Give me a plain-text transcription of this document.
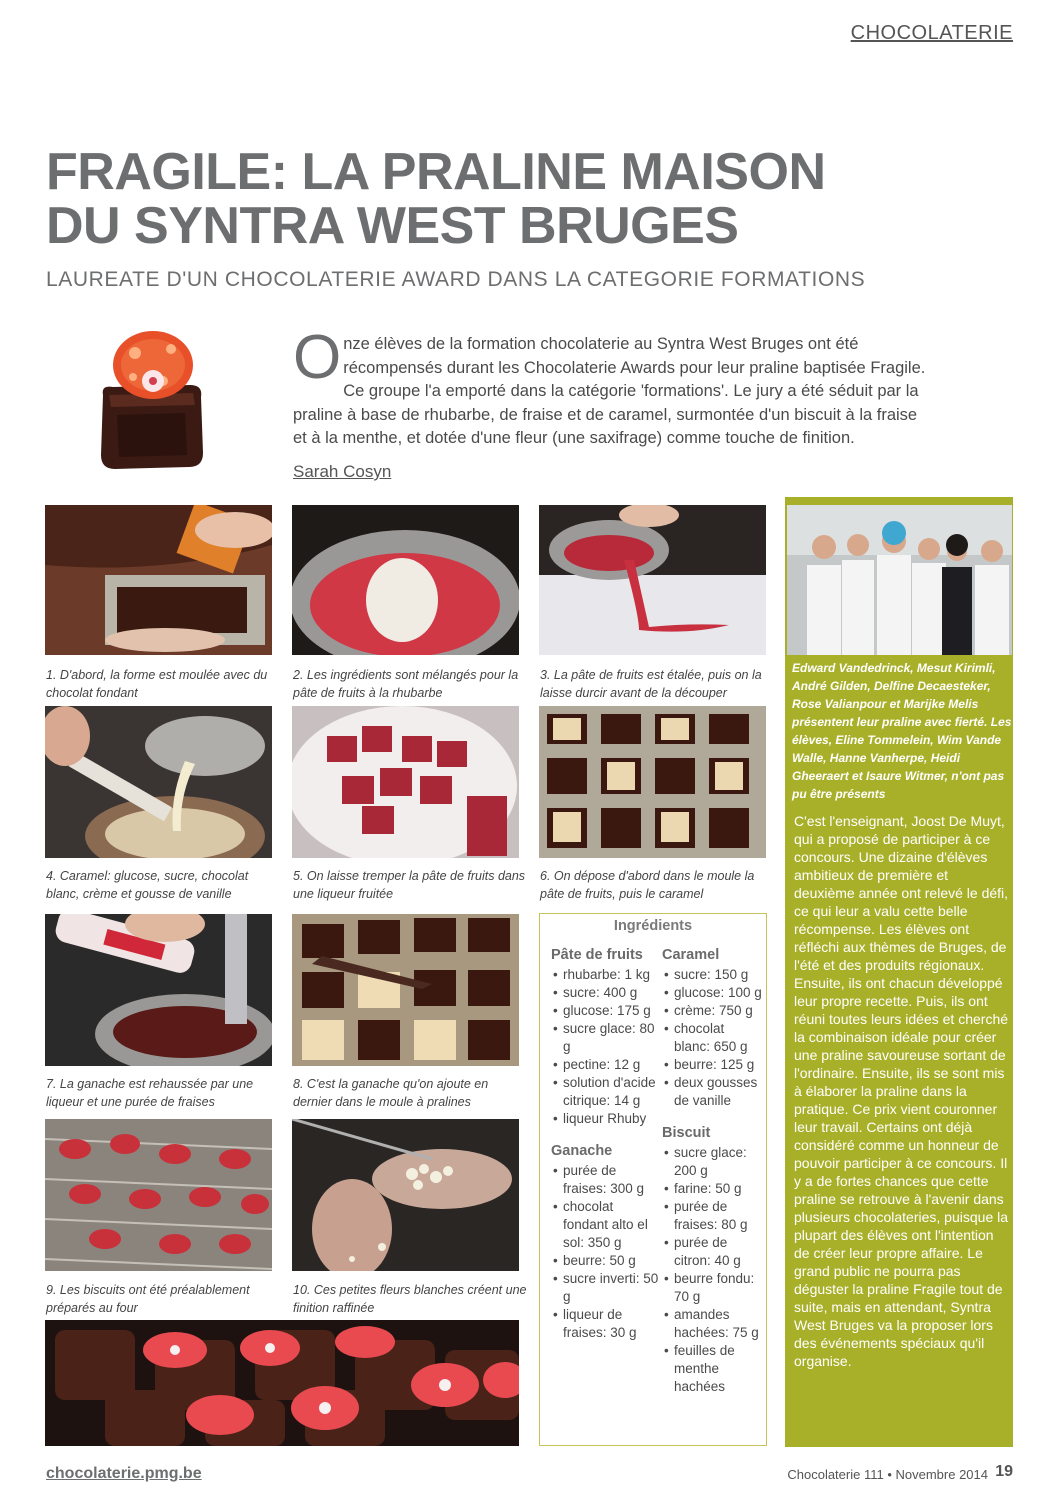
CHOCOLATERIE
FRAGILE: LA PRALINE MAISON
DU SYNTRA WEST BRUGES
LAUREATE D'UN CHOCOLATERIE AWARD DANS LA CATEGORIE FORMATIONS
Onze élèves de la formation chocolaterie au Syntra West Bruges ont été récompensés durant les Chocolaterie Awards pour leur praline baptisée Fragile. Ce groupe l'a emporté dans la catégorie 'formations'. Le jury a été séduit par la praline à base de rhubarbe, de fraise et de caramel, surmontée d'un biscuit à la fraise et à la menthe, et dotée d'une fleur (une saxifrage) comme touche de finition.
Sarah Cosyn
1. D'abord, la forme est moulée avec du chocolat fondant
2. Les ingrédients sont mélangés pour la pâte de fruits à la rhubarbe
3. La pâte de fruits est étalée, puis on la laisse durcir avant de la découper
4. Caramel: glucose, sucre, chocolat blanc, crème et gousse de vanille
5. On laisse tremper la pâte de fruits dans une liqueur fruitée
6. On dépose d'abord dans le moule la pâte de fruits, puis le caramel
7. La ganache est rehaussée par une liqueur et une purée de fraises
8. C'est la ganache qu'on ajoute en dernier dans le moule à pralines
9. Les biscuits ont été préalablement préparés au four
10. Ces petites fleurs blanches créent une finition raffinée
Ingrédients
Pâte de fruits
• rhubarbe: 1 kg
• sucre: 400 g
• glucose: 175 g
• sucre glace: 80 g
• pectine: 12 g
• solution d'acide citrique: 14 g
• liqueur Rhuby
Ganache
• purée de fraises: 300 g
• chocolat fondant alto el sol: 350 g
• beurre: 50 g
• sucre inverti: 50 g
• liqueur de fraises: 30 g
Caramel
• sucre: 150 g
• glucose: 100 g
• crème: 750 g
• chocolat blanc: 650 g
• beurre: 125 g
• deux gousses de vanille
Biscuit
• sucre glace: 200 g
• farine: 50 g
• purée de fraises: 80 g
• purée de citron: 40 g
• beurre fondu: 70 g
• amandes hachées: 75 g
• feuilles de menthe hachées
Edward Vandedrinck, Mesut Kirimli, André Gilden, Delfine Decaesteker, Rose Valianpour et Marijke Melis présentent leur praline avec fierté. Les élèves, Eline Tommelein, Wim Vande Walle, Hanne Vanherpe, Heidi Gheeraert et Isaure Witmer, n'ont pas pu être présents
C'est l'enseignant, Joost De Muyt, qui a proposé de participer à ce concours. Une dizaine d'élèves ambitieux de première et deuxième année ont relevé le défi, ce qui leur a valu cette belle récompense. Les élèves ont réfléchi aux thèmes de Bruges, de l'été et des produits régionaux. Ensuite, ils ont chacun développé leur propre recette. Puis, ils ont réuni toutes leurs idées et cherché la combinaison idéale pour créer une praline savoureuse sortant de l'ordinaire. Ensuite, ils se sont mis à élaborer la praline dans la pratique. Ce prix vient couronner leur travail. Certains ont déjà considéré comme un honneur de pouvoir participer à ce concours. Il y a de fortes chances que cette praline se retrouve à l'avenir dans plusieurs chocolateries, puisque la plupart des élèves ont l'intention de créer leur propre affaire. Le grand public ne pourra pas déguster la praline Fragile tout de suite, mais en attendant, Syntra West Bruges va la proposer lors des événements spéciaux qu'il organise.
chocolaterie.pmg.be	Chocolaterie 111 • Novembre 2014 19
